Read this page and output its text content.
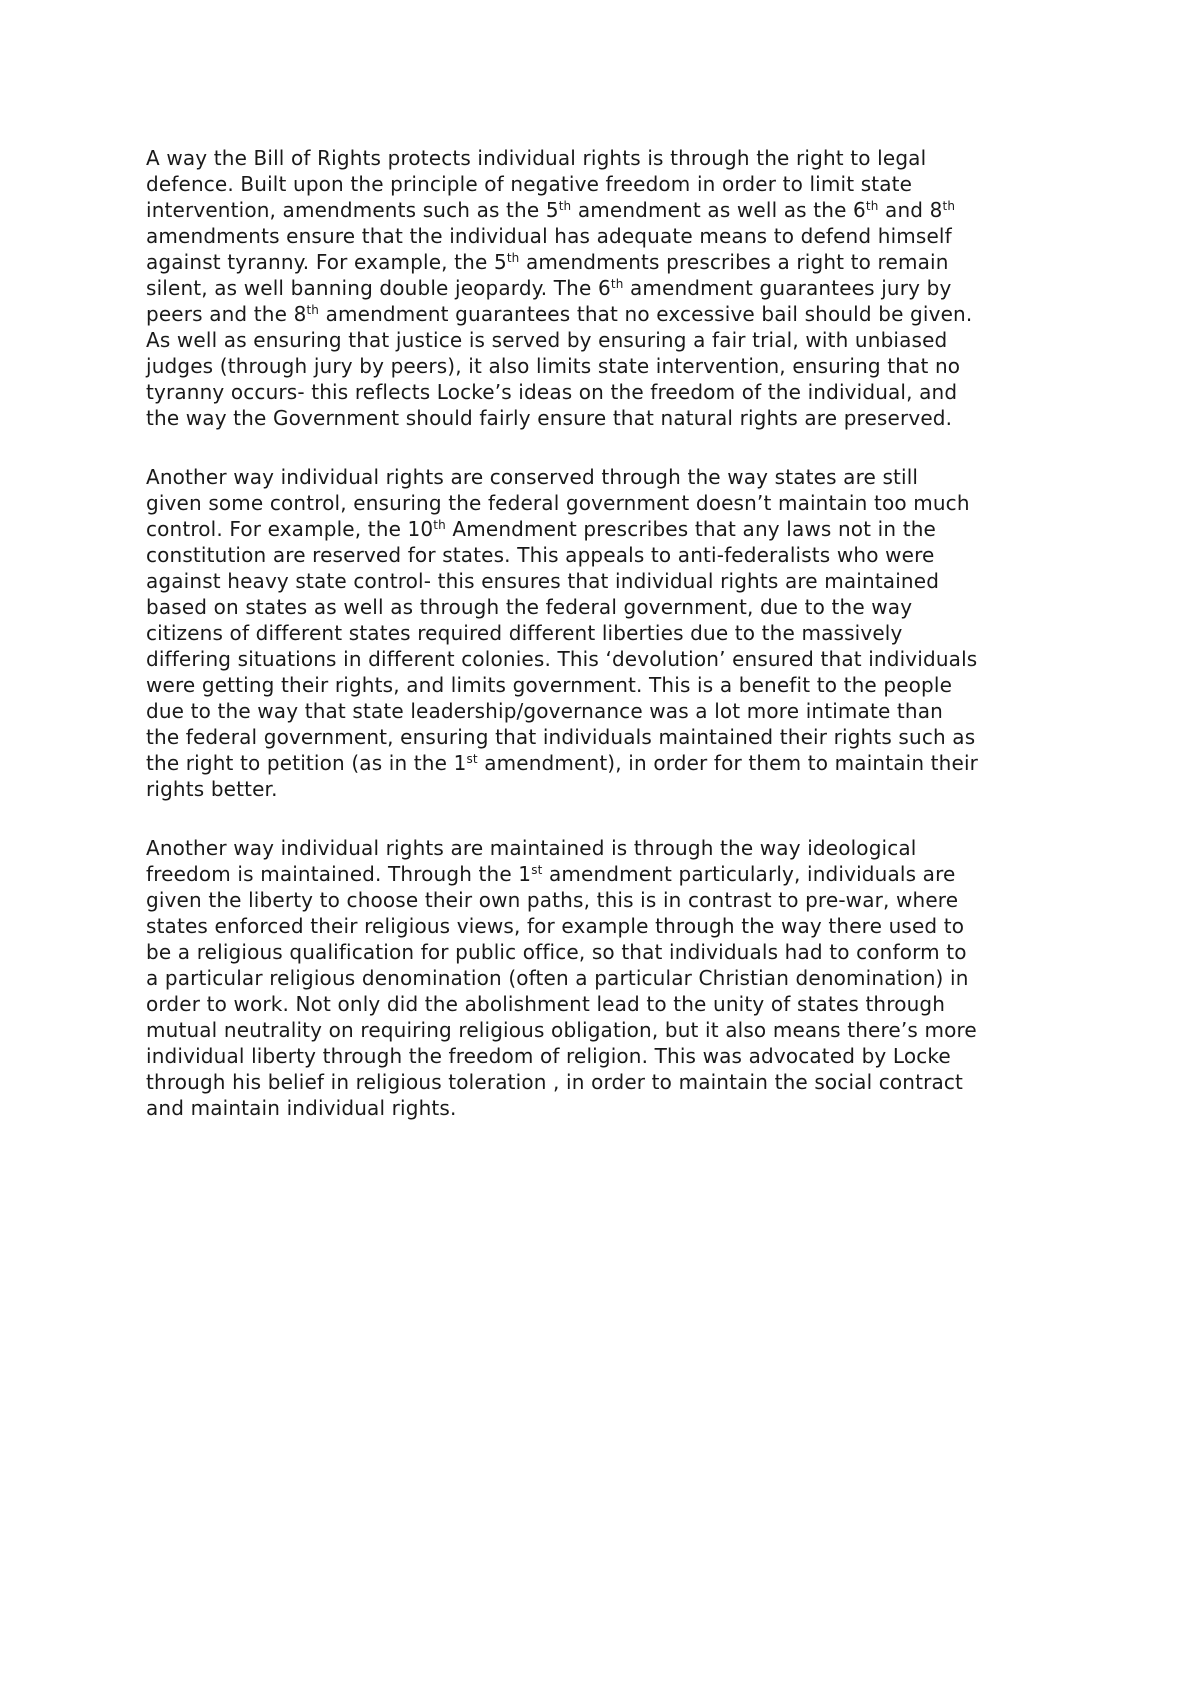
A way the Bill of Rights protects individual rights is through the right to legal
defence. Built upon the principle of negative freedom in order to limit state
intervention, amendments such as the 5th amendment as well as the 6th and 8th
amendments ensure that the individual has adequate means to defend himself
against tyranny. For example, the 5th amendments prescribes a right to remain
silent, as well banning double jeopardy. The 6th amendment guarantees jury by
peers and the 8th amendment guarantees that no excessive bail should be given.
As well as ensuring that justice is served by ensuring a fair trial, with unbiased
judges (through jury by peers), it also limits state intervention, ensuring that no
tyranny occurs- this reflects Locke’s ideas on the freedom of the individual, and
the way the Government should fairly ensure that natural rights are preserved.
Another way individual rights are conserved through the way states are still
given some control, ensuring the federal government doesn’t maintain too much
control. For example, the 10th Amendment prescribes that any laws not in the
constitution are reserved for states. This appeals to anti-federalists who were
against heavy state control- this ensures that individual rights are maintained
based on states as well as through the federal government, due to the way
citizens of different states required different liberties due to the massively
differing situations in different colonies. This ‘devolution’ ensured that individuals
were getting their rights, and limits government. This is a benefit to the people
due to the way that state leadership/governance was a lot more intimate than
the federal government, ensuring that individuals maintained their rights such as
the right to petition (as in the 1st amendment), in order for them to maintain their
rights better.
Another way individual rights are maintained is through the way ideological
freedom is maintained. Through the 1st amendment particularly, individuals are
given the liberty to choose their own paths, this is in contrast to pre-war, where
states enforced their religious views, for example through the way there used to
be a religious qualification for public office, so that individuals had to conform to
a particular religious denomination (often a particular Christian denomination) in
order to work. Not only did the abolishment lead to the unity of states through
mutual neutrality on requiring religious obligation, but it also means there’s more
individual liberty through the freedom of religion. This was advocated by Locke
through his belief in religious toleration , in order to maintain the social contract
and maintain individual rights.
